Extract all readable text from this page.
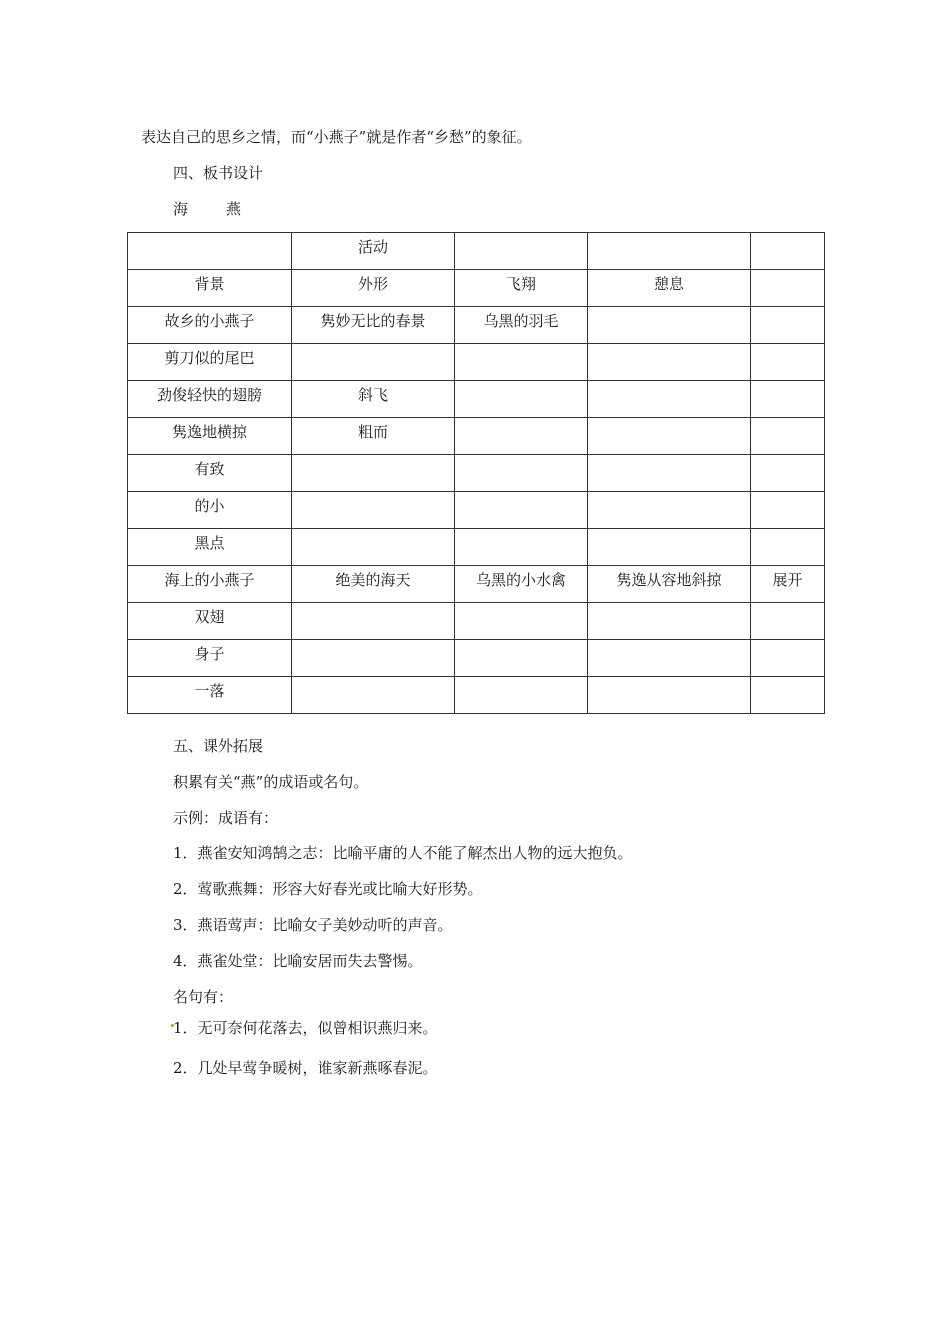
表达自己的思乡之情，而“小燕子”就是作者“乡愁”的象征。
四、板书设计
海	燕

	活动			

背景	外形	飞翔	憩息	

故乡的小燕子	隽妙无比的春景	乌黑的羽毛		

剪刀似的尾巴				

劲俊轻快的翅膀	斜飞			

隽逸地横掠	粗而			

有致				

的小				

黑点				

海上的小燕子	绝美的海天	乌黑的小水禽	隽逸从容地斜掠	展开

双翅				

身子				

一落				

五、课外拓展
积累有关“燕”的成语或名句。
示例：成语有：
1．燕雀安知鸿鹄之志：比喻平庸的人不能了解杰出人物的远大抱负。
2．莺歌燕舞：形容大好春光或比喻大好形势。
3．燕语莺声：比喻女子美妙动听的声音。
4．燕雀处堂：比喻安居而失去警惕。
名句有：
1．无可奈何花落去，似曾相识燕归来。
2．几处早莺争暖树，谁家新燕啄春泥。
